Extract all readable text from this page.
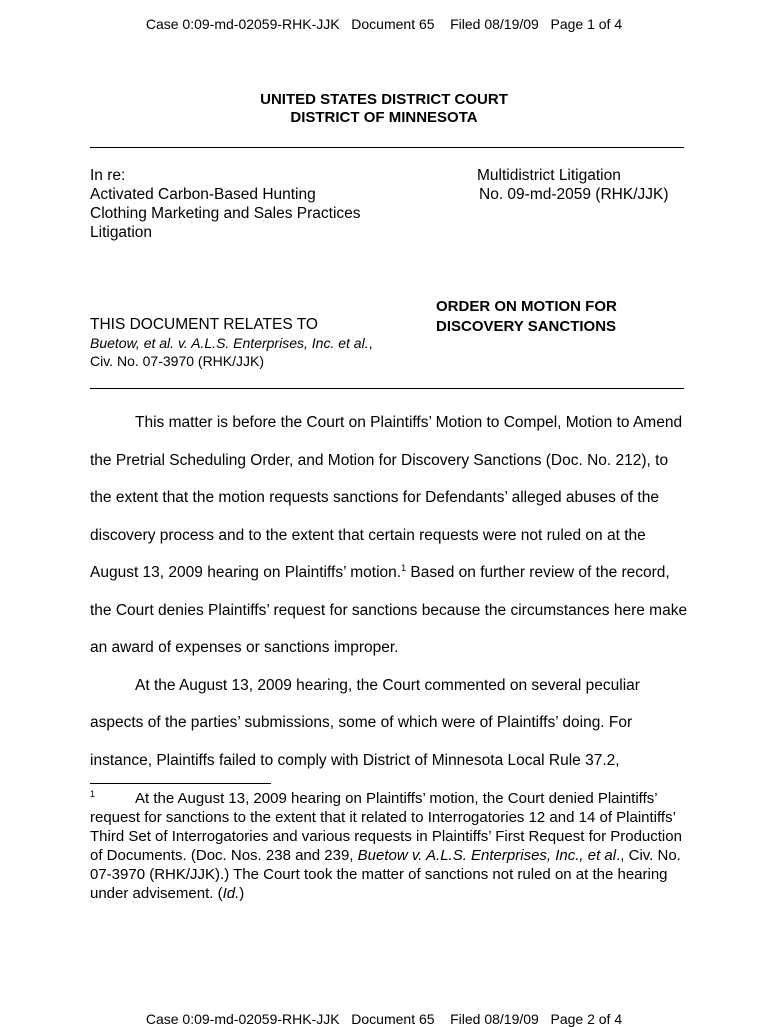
Case 0:09-md-02059-RHK-JJK   Document 65    Filed 08/19/09   Page 1 of 4
UNITED STATES DISTRICT COURT
DISTRICT OF MINNESOTA
In re:
Activated Carbon-Based Hunting
Clothing Marketing and Sales Practices
Litigation
Multidistrict Litigation
No. 09-md-2059 (RHK/JJK)
ORDER ON MOTION FOR
DISCOVERY SANCTIONS
THIS DOCUMENT RELATES TO
Buetow, et al. v. A.L.S. Enterprises, Inc. et al., Civ. No. 07-3970 (RHK/JJK)

This matter is before the Court on Plaintiffs’ Motion to Compel, Motion to Amend the Pretrial Scheduling Order, and Motion for Discovery Sanctions (Doc. No. 212), to the extent that the motion requests sanctions for Defendants’ alleged abuses of the discovery process and to the extent that certain requests were not ruled on at the August 13, 2009 hearing on Plaintiffs’ motion.$^1$ Based on further review of the record, the Court denies Plaintiffs’ request for sanctions because the circumstances here make an award of expenses or sanctions improper.

At the August 13, 2009 hearing, the Court commented on several peculiar aspects of the parties’ submissions, some of which were of Plaintiffs’ doing. For instance, Plaintiffs failed to comply with District of Minnesota Local Rule 37.2,

$^1$	At the August 13, 2009 hearing on Plaintiffs’ motion, the Court denied Plaintiffs’ request for sanctions to the extent that it related to Interrogatories 12 and 14 of Plaintiffs’ Third Set of Interrogatories and various requests in Plaintiffs’ First Request for Production of Documents. (Doc. Nos. 238 and 239, Buetow v. A.L.S. Enterprises, Inc., et al., Civ. No. 07-3970 (RHK/JJK).) The Court took the matter of sanctions not ruled on at the hearing under advisement. (Id.)
Case 0:09-md-02059-RHK-JJK   Document 65    Filed 08/19/09   Page 2 of 4
